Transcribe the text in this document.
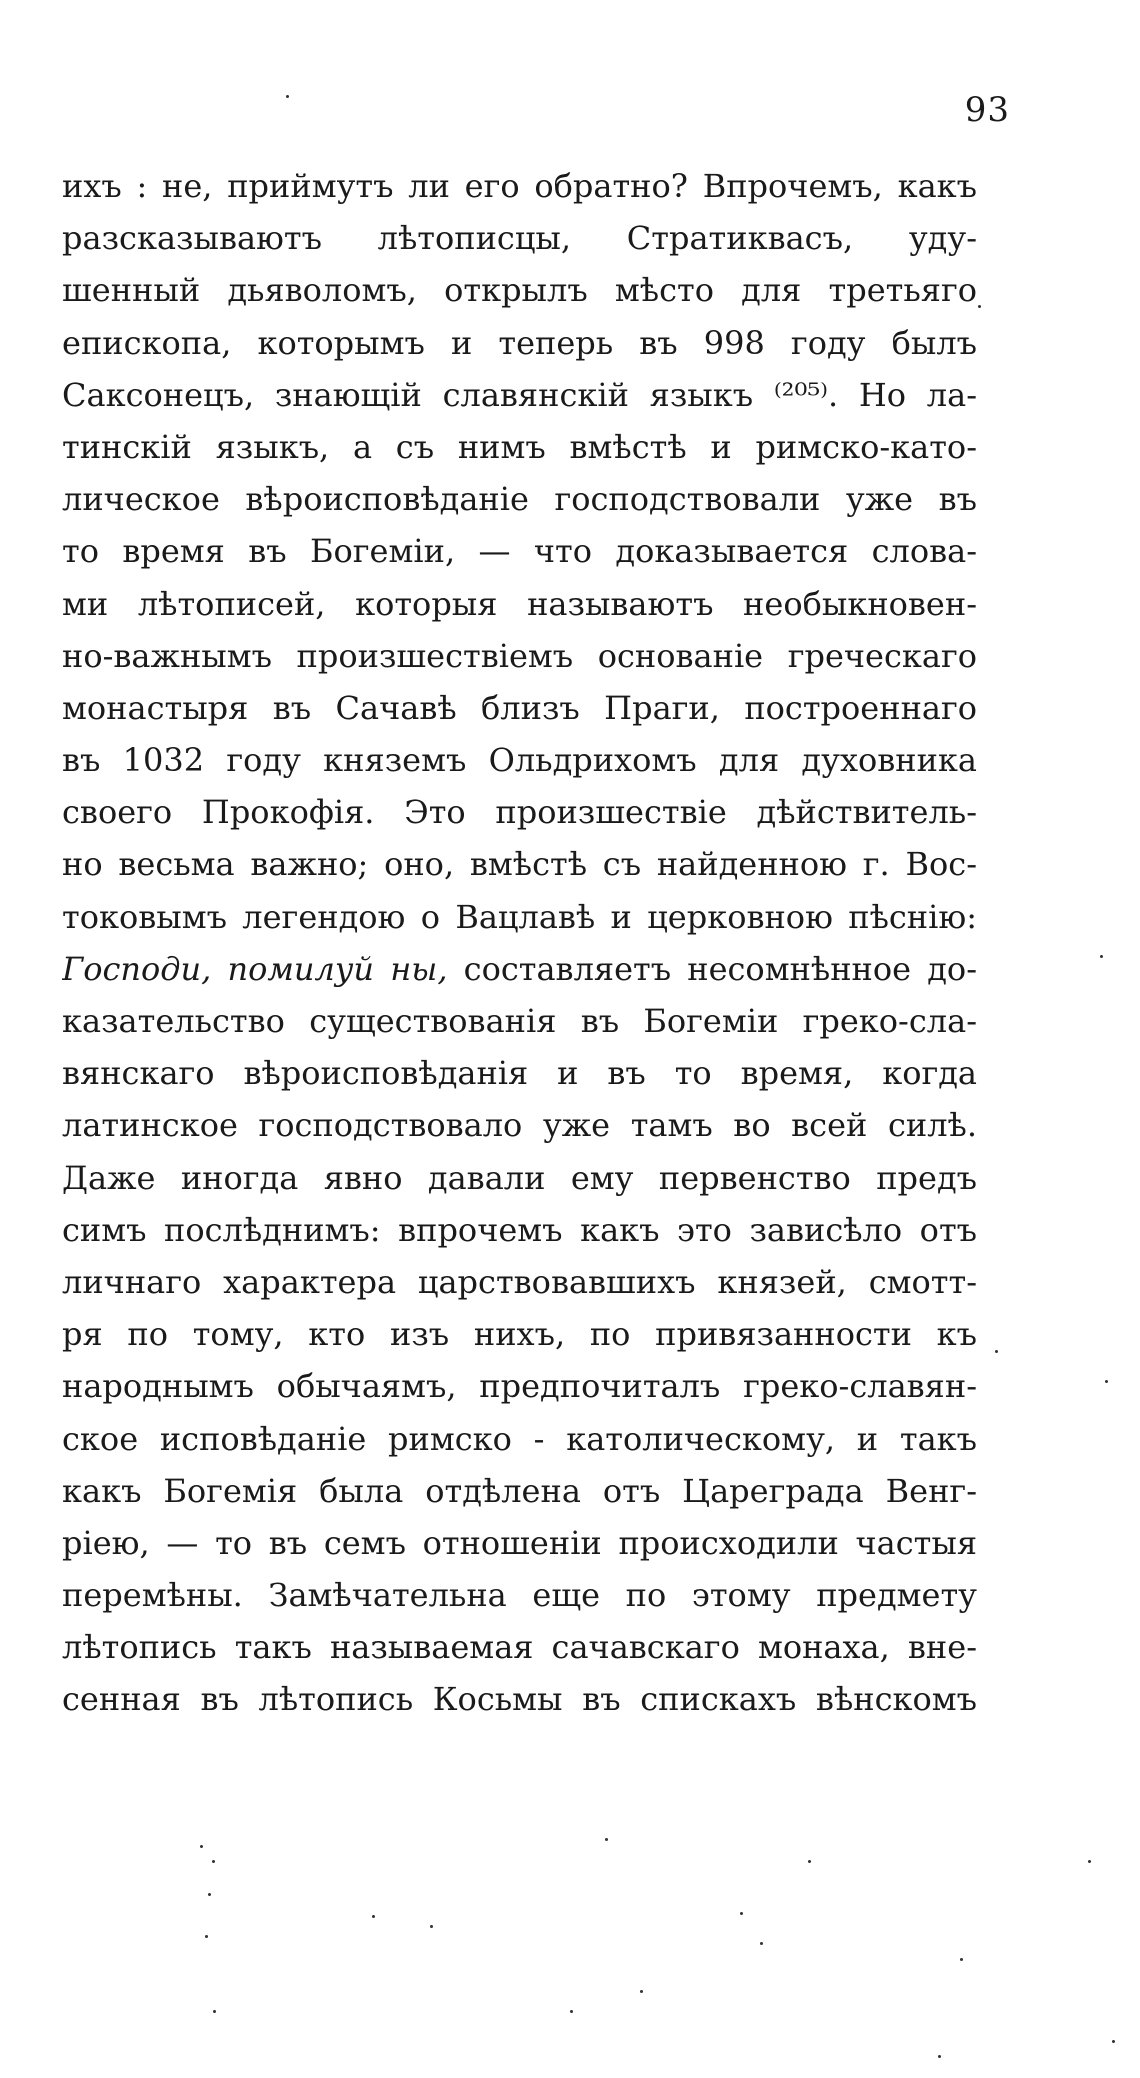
93
ихъ : не, приймутъ ли его обратно? Впрочемъ, какъ
разсказываютъ лѣтописцы, Стратиквасъ, уду-
шенный дьяволомъ, открылъ мѣсто для третьяго
епископа, которымъ и теперь въ 998 году былъ
Саксонецъ, знающій славянскій языкъ ⁽²⁰⁵⁾. Но ла-
тинскій языкъ, а съ нимъ вмѣстѣ и римско-като-
лическое вѣроисповѣданіе господствовали уже въ
то время въ Богеміи, — что доказывается слова-
ми лѣтописей, которыя называютъ необыкновен-
но-важнымъ произшествіемъ основаніе греческаго
монастыря въ Сачавѣ близъ Праги, построеннаго
въ 1032 году княземъ Ольдрихомъ для духовника
своего Прокофія. Это произшествіе дѣйствитель-
но весьма важно; оно, вмѣстѣ съ найденною г. Вос-
токовымъ легендою о Вацлавѣ и церковною пѣснію:
Господи, помилуй ны, составляетъ несомнѣнное до-
казательство существованія въ Богеміи греко-сла-
вянскаго вѣроисповѣданія и въ то время, когда
латинское господствовало уже тамъ во всей силѣ.
Даже иногда явно давали ему первенство предъ
симъ послѣднимъ: впрочемъ какъ это зависѣло отъ
личнаго характера царствовавшихъ князей, смотт-
ря по тому, кто изъ нихъ, по привязанности къ
народнымъ обычаямъ, предпочиталъ греко-славян-
ское исповѣданіе римско - католическому, и такъ
какъ Богемія была отдѣлена отъ Цареграда Венг-
ріею, — то въ семъ отношеніи происходили частыя
перемѣны. Замѣчательна еще по этому предмету
лѣтопись такъ называемая сачавскаго монаха, вне-
сенная въ лѣтопись Косьмы въ спискахъ вѣнскомъ
